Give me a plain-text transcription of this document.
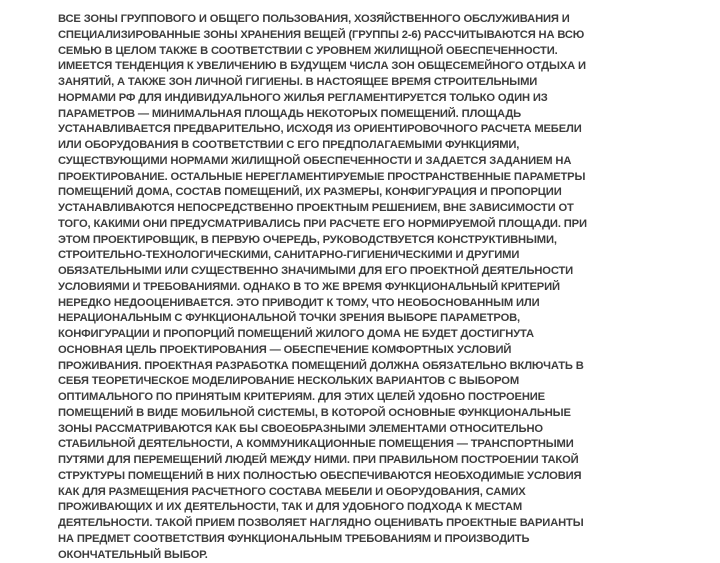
ВСЕ ЗОНЫ ГРУППОВОГО И ОБЩЕГО ПОЛЬЗОВАНИЯ, ХОЗЯЙСТВЕННОГО ОБСЛУЖИВАНИЯ И
СПЕЦИАЛИЗИРОВАННЫЕ ЗОНЫ ХРАНЕНИЯ ВЕЩЕЙ (ГРУППЫ 2-6) РАССЧИТЫВАЮТСЯ НА ВСЮ
СЕМЬЮ В ЦЕЛОМ ТАКЖЕ В СООТВЕТСТВИИ С УРОВНЕМ ЖИЛИЩНОЙ ОБЕСПЕЧЕННОСТИ.
ИМЕЕТСЯ ТЕНДЕНЦИЯ К УВЕЛИЧЕНИЮ В БУДУЩЕМ ЧИСЛА ЗОН ОБЩЕСЕМЕЙНОГО ОТДЫХА И
ЗАНЯТИЙ, А ТАКЖЕ ЗОН ЛИЧНОЙ ГИГИЕНЫ. В НАСТОЯЩЕЕ ВРЕМЯ СТРОИТЕЛЬНЫМИ
НОРМАМИ РФ ДЛЯ ИНДИВИДУАЛЬНОГО ЖИЛЬЯ РЕГЛАМЕНТИРУЕТСЯ ТОЛЬКО ОДИН ИЗ
ПАРАМЕТРОВ — МИНИМАЛЬНАЯ ПЛОЩАДЬ НЕКОТОРЫХ ПОМЕЩЕНИЙ. ПЛОЩАДЬ
УСТАНАВЛИВАЕТСЯ ПРЕДВАРИТЕЛЬНО, ИСХОДЯ ИЗ ОРИЕНТИРОВОЧНОГО РАСЧЕТА МЕБЕЛИ
ИЛИ ОБОРУДОВАНИЯ В СООТВЕТСТВИИ С ЕГО ПРЕДПОЛАГАЕМЫМИ ФУНКЦИЯМИ,
СУЩЕСТВУЮЩИМИ НОРМАМИ ЖИЛИЩНОЙ ОБЕСПЕЧЕННОСТИ И ЗАДАЕТСЯ ЗАДАНИЕМ НА
ПРОЕКТИРОВАНИЕ. ОСТАЛЬНЫЕ НЕРЕГЛАМЕНТИРУЕМЫЕ ПРОСТРАНСТВЕННЫЕ ПАРАМЕТРЫ
ПОМЕЩЕНИЙ ДОМА, СОСТАВ ПОМЕЩЕНИЙ, ИХ РАЗМЕРЫ, КОНФИГУРАЦИЯ И ПРОПОРЦИИ
УСТАНАВЛИВАЮТСЯ НЕПОСРЕДСТВЕННО ПРОЕКТНЫМ РЕШЕНИЕМ, ВНЕ ЗАВИСИМОСТИ ОТ
ТОГО, КАКИМИ ОНИ ПРЕДУСМАТРИВАЛИСЬ ПРИ РАСЧЕТЕ ЕГО НОРМИРУЕМОЙ ПЛОЩАДИ. ПРИ
ЭТОМ ПРОЕКТИРОВЩИК, В ПЕРВУЮ ОЧЕРЕДЬ, РУКОВОДСТВУЕТСЯ КОНСТРУКТИВНЫМИ,
СТРОИТЕЛЬНО-ТЕХНОЛОГИЧЕСКИМИ, САНИТАРНО-ГИГИЕНИЧЕСКИМИ И ДРУГИМИ
ОБЯЗАТЕЛЬНЫМИ ИЛИ СУЩЕСТВЕННО ЗНАЧИМЫМИ ДЛЯ ЕГО ПРОЕКТНОЙ ДЕЯТЕЛЬНОСТИ
УСЛОВИЯМИ И ТРЕБОВАНИЯМИ. ОДНАКО В ТО ЖЕ ВРЕМЯ ФУНКЦИОНАЛЬНЫЙ КРИТЕРИЙ
НЕРЕДКО НЕДООЦЕНИВАЕТСЯ. ЭТО ПРИВОДИТ К ТОМУ, ЧТО НЕОБОСНОВАННЫМ ИЛИ
НЕРАЦИОНАЛЬНЫМ С ФУНКЦИОНАЛЬНОЙ ТОЧКИ ЗРЕНИЯ ВЫБОРЕ ПАРАМЕТРОВ,
КОНФИГУРАЦИИ И ПРОПОРЦИЙ ПОМЕЩЕНИЙ ЖИЛОГО ДОМА НЕ БУДЕТ ДОСТИГНУТА
ОСНОВНАЯ ЦЕЛЬ ПРОЕКТИРОВАНИЯ — ОБЕСПЕЧЕНИЕ КОМФОРТНЫХ УСЛОВИЙ
ПРОЖИВАНИЯ. ПРОЕКТНАЯ РАЗРАБОТКА ПОМЕЩЕНИЙ ДОЛЖНА ОБЯЗАТЕЛЬНО ВКЛЮЧАТЬ В
СЕБЯ ТЕОРЕТИЧЕСКОЕ МОДЕЛИРОВАНИЕ НЕСКОЛЬКИХ ВАРИАНТОВ С ВЫБОРОМ
ОПТИМАЛЬНОГО ПО ПРИНЯТЫМ КРИТЕРИЯМ. ДЛЯ ЭТИХ ЦЕЛЕЙ УДОБНО ПОСТРОЕНИЕ
ПОМЕЩЕНИЙ В ВИДЕ МОБИЛЬНОЙ СИСТЕМЫ, В КОТОРОЙ ОСНОВНЫЕ ФУНКЦИОНАЛЬНЫЕ
ЗОНЫ РАССМАТРИВАЮТСЯ КАК БЫ СВОЕОБРАЗНЫМИ ЭЛЕМЕНТАМИ ОТНОСИТЕЛЬНО
СТАБИЛЬНОЙ ДЕЯТЕЛЬНОСТИ, А КОММУНИКАЦИОННЫЕ ПОМЕЩЕНИЯ — ТРАНСПОРТНЫМИ
ПУТЯМИ ДЛЯ ПЕРЕМЕЩЕНИЙ ЛЮДЕЙ МЕЖДУ НИМИ. ПРИ ПРАВИЛЬНОМ ПОСТРОЕНИИ ТАКОЙ
СТРУКТУРЫ ПОМЕЩЕНИЙ В НИХ ПОЛНОСТЬЮ ОБЕСПЕЧИВАЮТСЯ НЕОБХОДИМЫЕ УСЛОВИЯ
КАК ДЛЯ РАЗМЕЩЕНИЯ РАСЧЕТНОГО СОСТАВА МЕБЕЛИ И ОБОРУДОВАНИЯ, САМИХ
ПРОЖИВАЮЩИХ И ИХ ДЕЯТЕЛЬНОСТИ, ТАК И ДЛЯ УДОБНОГО ПОДХОДА К МЕСТАМ
ДЕЯТЕЛЬНОСТИ. ТАКОЙ ПРИЕМ ПОЗВОЛЯЕТ НАГЛЯДНО ОЦЕНИВАТЬ ПРОЕКТНЫЕ ВАРИАНТЫ
НА ПРЕДМЕТ СООТВЕТСТВИЯ ФУНКЦИОНАЛЬНЫМ ТРЕБОВАНИЯМ И ПРОИЗВОДИТЬ
ОКОНЧАТЕЛЬНЫЙ ВЫБОР.
